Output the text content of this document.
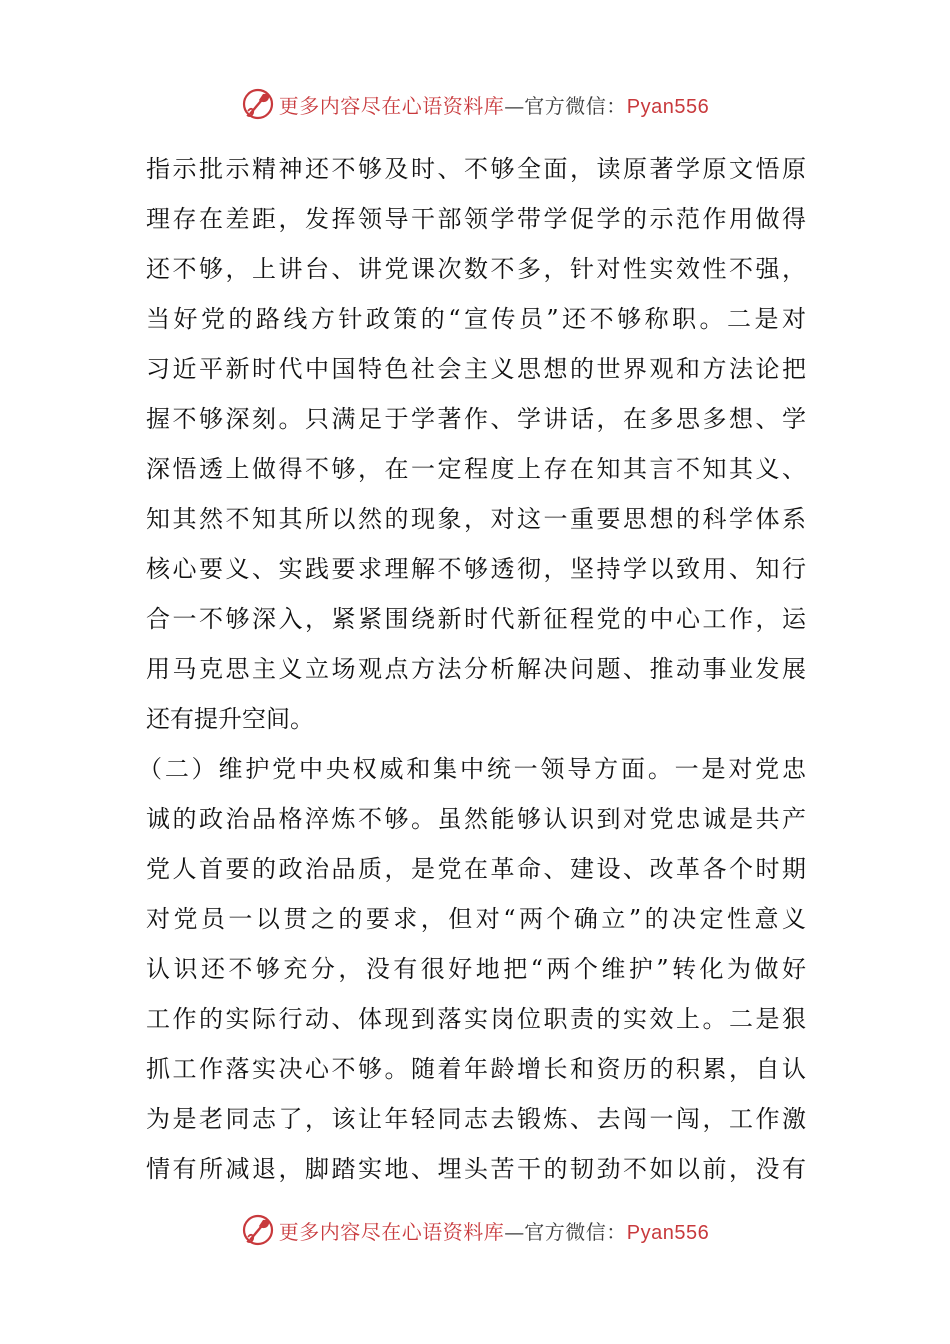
更多内容尽在心语资料库—官方微信：Pyan556
指示批示精神还不够及时、不够全面，读原著学原文悟原
理存在差距，发挥领导干部领学带学促学的示范作用做得
还不够，上讲台、讲党课次数不多，针对性实效性不强，
当好党的路线方针政策的“宣传员”还不够称职。二是对
习近平新时代中国特色社会主义思想的世界观和方法论把
握不够深刻。只满足于学著作、学讲话，在多思多想、学
深悟透上做得不够，在一定程度上存在知其言不知其义、
知其然不知其所以然的现象，对这一重要思想的科学体系
核心要义、实践要求理解不够透彻，坚持学以致用、知行
合一不够深入，紧紧围绕新时代新征程党的中心工作，运
用马克思主义立场观点方法分析解决问题、推动事业发展
还有提升空间。
（二）维护党中央权威和集中统一领导方面。一是对党忠
诚的政治品格淬炼不够。虽然能够认识到对党忠诚是共产
党人首要的政治品质，是党在革命、建设、改革各个时期
对党员一以贯之的要求，但对“两个确立”的决定性意义
认识还不够充分，没有很好地把“两个维护”转化为做好
工作的实际行动、体现到落实岗位职责的实效上。二是狠
抓工作落实决心不够。随着年龄增长和资历的积累，自认
为是老同志了，该让年轻同志去锻炼、去闯一闯，工作激
情有所减退，脚踏实地、埋头苦干的韧劲不如以前，没有
更多内容尽在心语资料库—官方微信：Pyan556
